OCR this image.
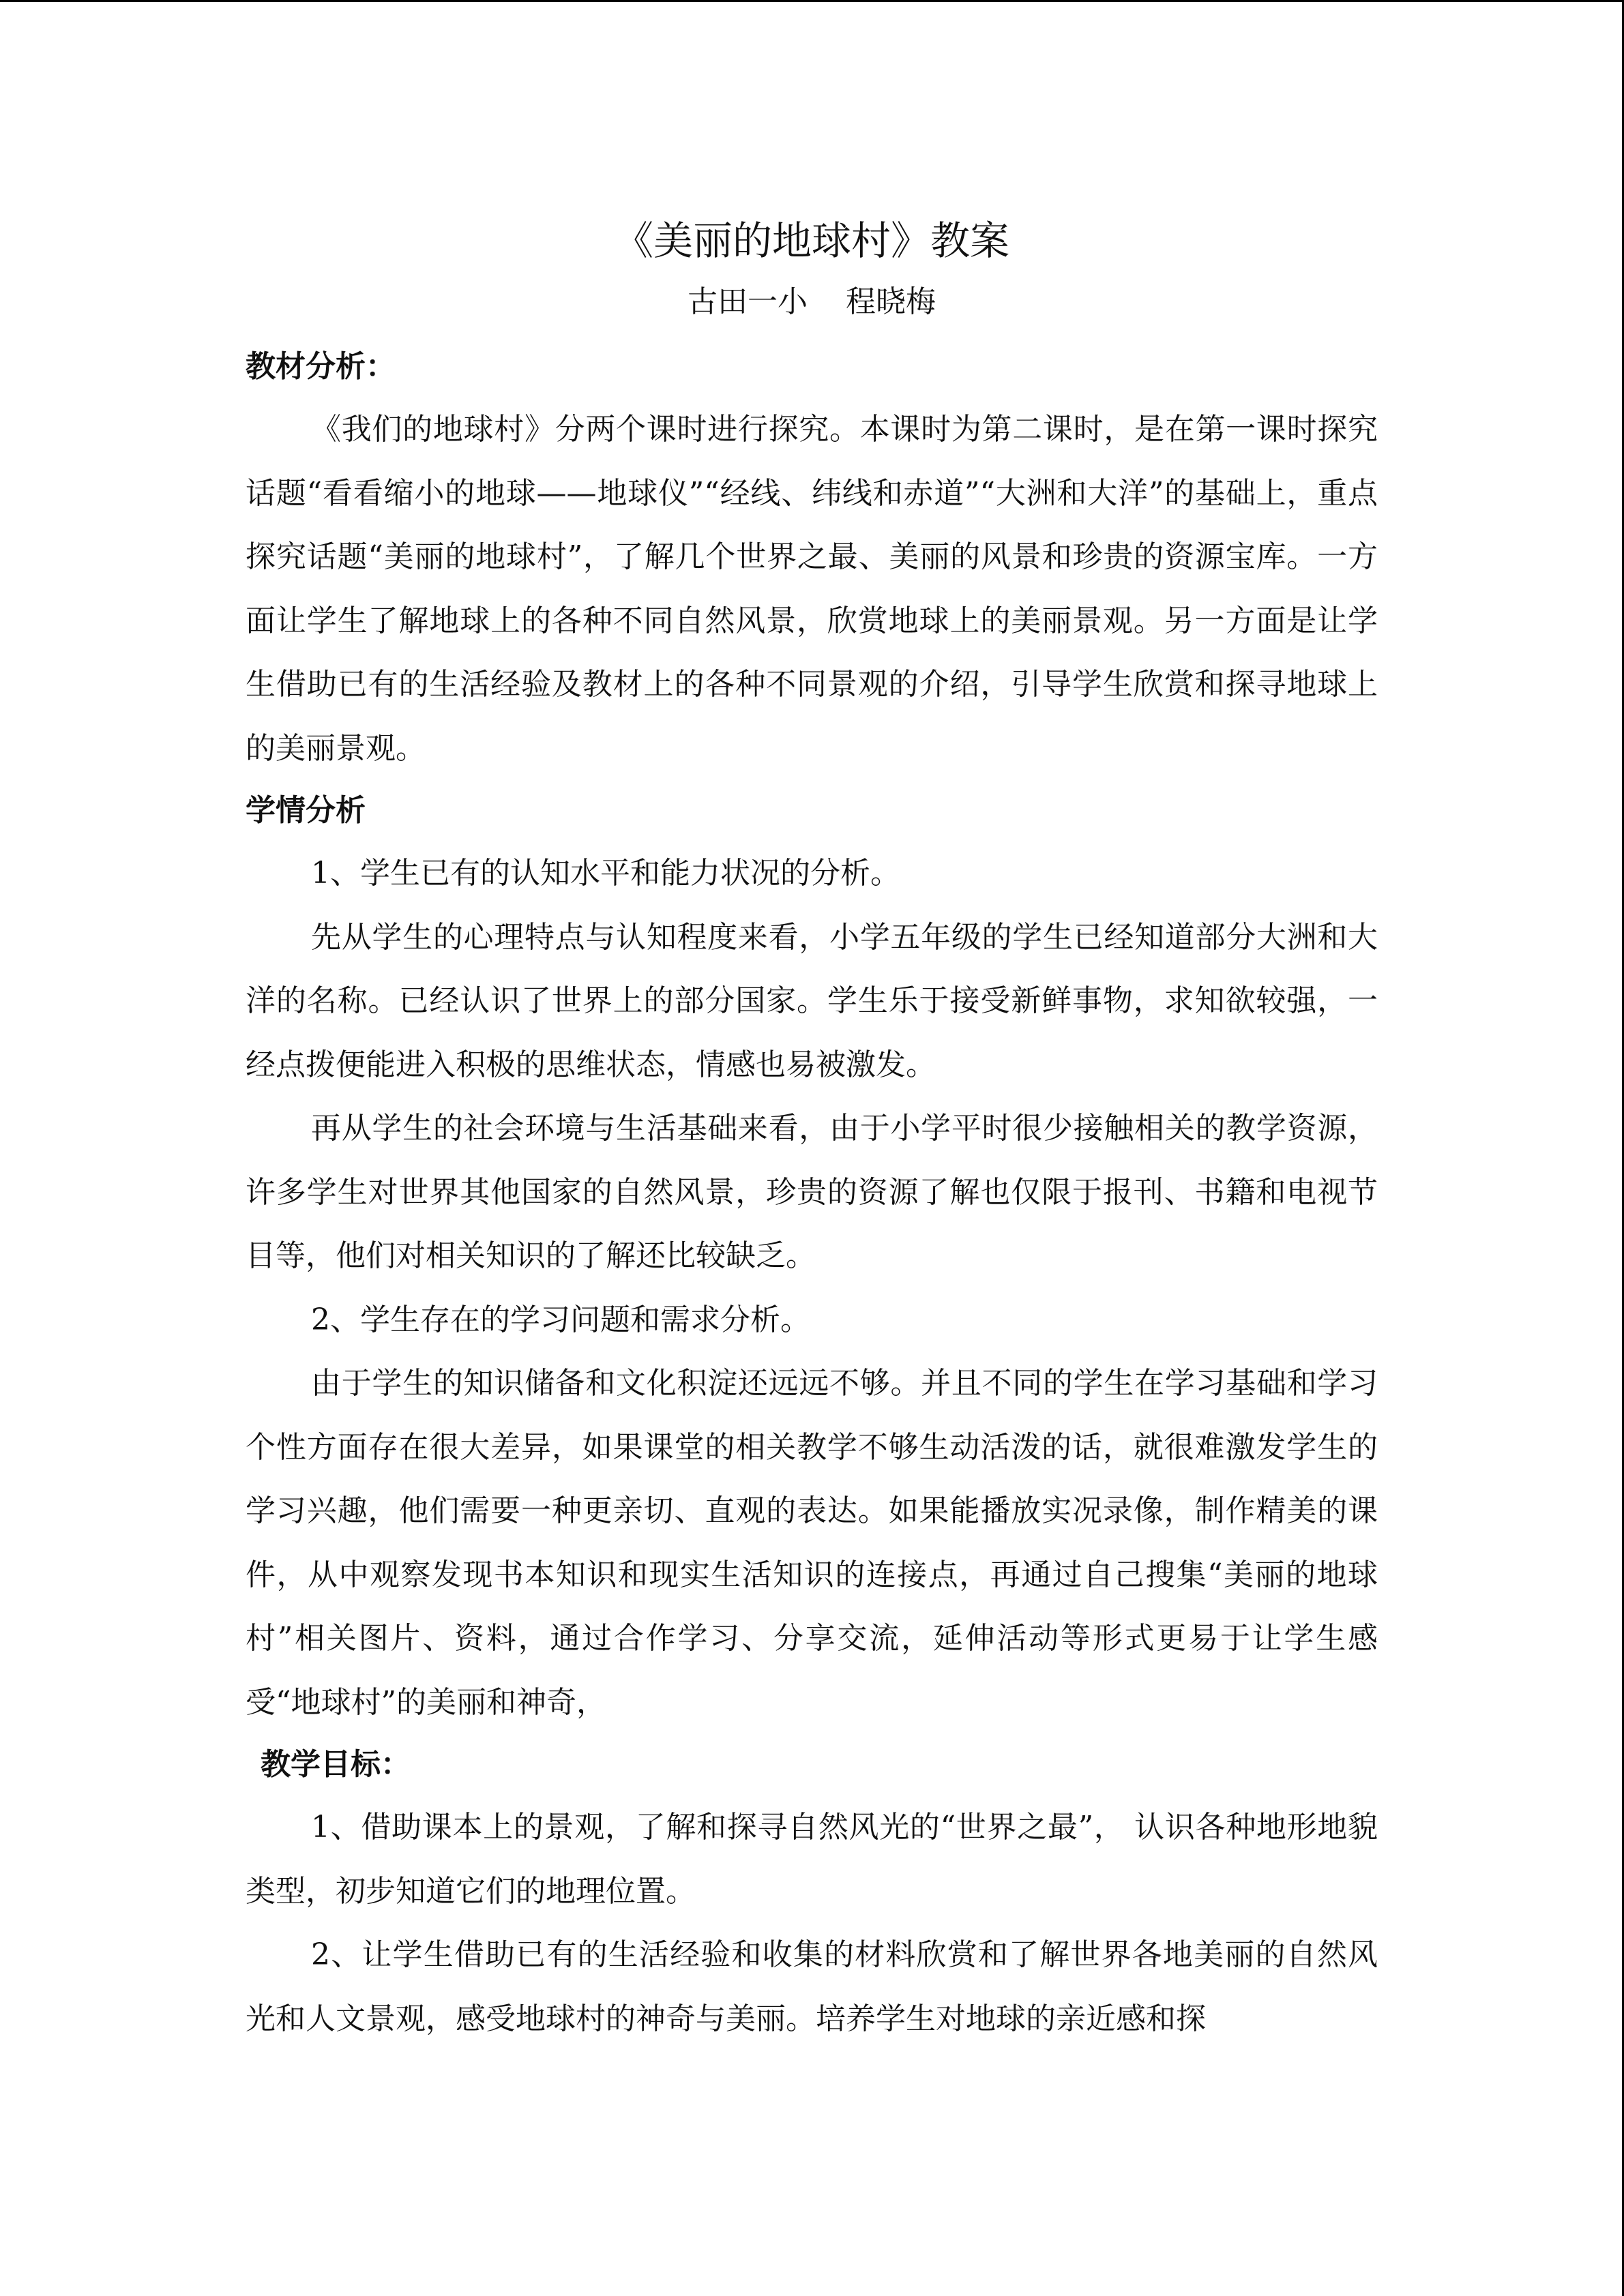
《美丽的地球村》教案

古田一小    程晓梅

教材分析：

《我们的地球村》分两个课时进行探究。本课时为第二课时，是在第一课时探究话题“看看缩小的地球——地球仪”“经线、纬线和赤道”“大洲和大洋”的基础上，重点探究话题“美丽的地球村”，了解几个世界之最、美丽的风景和珍贵的资源宝库。一方面让学生了解地球上的各种不同自然风景，欣赏地球上的美丽景观。另一方面是让学生借助已有的生活经验及教材上的各种不同景观的介绍，引导学生欣赏和探寻地球上的美丽景观。

学情分析

1、学生已有的认知水平和能力状况的分析。

先从学生的心理特点与认知程度来看，小学五年级的学生已经知道部分大洲和大洋的名称。已经认识了世界上的部分国家。学生乐于接受新鲜事物，求知欲较强，一经点拨便能进入积极的思维状态，情感也易被激发。

再从学生的社会环境与生活基础来看，由于小学平时很少接触相关的教学资源，许多学生对世界其他国家的自然风景，珍贵的资源了解也仅限于报刊、书籍和电视节目等，他们对相关知识的了解还比较缺乏。

2、学生存在的学习问题和需求分析。

由于学生的知识储备和文化积淀还远远不够。并且不同的学生在学习基础和学习个性方面存在很大差异，如果课堂的相关教学不够生动活泼的话，就很难激发学生的学习兴趣，他们需要一种更亲切、直观的表达。如果能播放实况录像，制作精美的课件，从中观察发现书本知识和现实生活知识的连接点，再通过自己搜集“美丽的地球村”相关图片、资料，通过合作学习、分享交流，延伸活动等形式更易于让学生感受“地球村”的美丽和神奇，

教学目标：

1、借助课本上的景观，了解和探寻自然风光的“世界之最”， 认识各种地形地貌类型，初步知道它们的地理位置。

2、让学生借助已有的生活经验和收集的材料欣赏和了解世界各地美丽的自然风光和人文景观，感受地球村的神奇与美丽。培养学生对地球的亲近感和探
